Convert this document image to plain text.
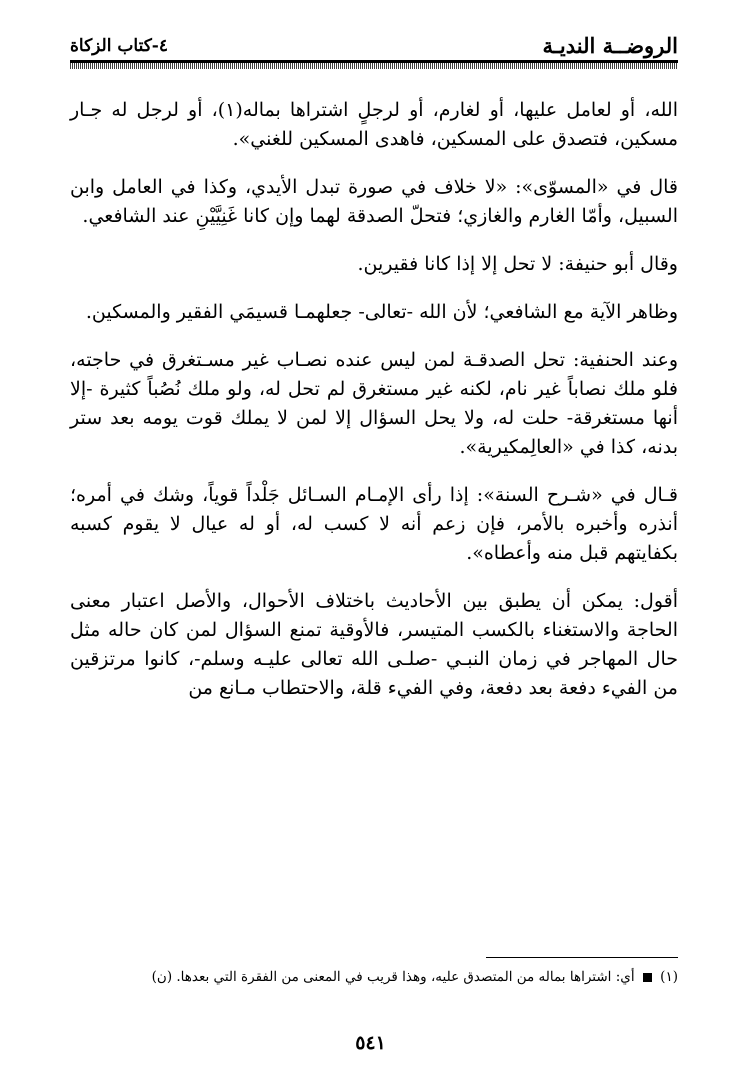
الروضــة النديـة
٤-كتاب الزكاة

الله، أو لعامل عليها، أو لغارم، أو لرجلٍ اشتراها بماله(١)، أو لرجل له جـار مسكين، فتصدق على المسكين، فاهدى المسكين للغني».

قال في «المسوّى»: «لا خلاف في صورة تبدل الأيدي، وكذا في العامل وابن السبيل، وأمّا الغارم والغازي؛ فتحلّ الصدقة لهما وإن كانا غَنِيَّيْنِ عند الشافعي.

وقال أبو حنيفة: لا تحل إلا إذا كانا فقيرين.

وظاهر الآية مع الشافعي؛ لأن الله -تعالى- جعلهمـا قسيمَي الفقير والمسكين.

وعند الحنفية: تحل الصدقـة لمن ليس عنده نصـاب غير مسـتغرق في حاجته، فلو ملك نصاباً غير نام، لكنه غير مستغرق لم تحل له، ولو ملك نُصُباً كثيرة -إلا أنها مستغرقة- حلت له، ولا يحل السؤال إلا لمن لا يملك قوت يومه بعد ستر بدنه، كذا في «العالِمكيرية».

قـال في «شـرح السنة»: إذا رأى الإمـام السـائل جَلْداً قوياً، وشك في أمره؛ أنذره وأخبره بالأمر، فإن زعم أنه لا كسب له، أو له عيال لا يقوم كسبه بكفايتهم قبل منه وأعطاه».

أقول: يمكن أن يطبق بين الأحاديث باختلاف الأحوال، والأصل اعتبار معنى الحاجة والاستغناء بالكسب المتيسر، فالأوقية تمنع السؤال لمن كان حاله مثل حال المهاجر في زمان النبـي -صلـى الله تعالى عليـه وسلم-، كانوا مرتزقين من الفيء دفعة بعد دفعة، وفي الفيء قلة، والاحتطاب مـانع من

(١)  أي: اشتراها بماله من المتصدق عليه، وهذا قريب في المعنى من الفقرة التي بعدها. (ن)
٥٤١
